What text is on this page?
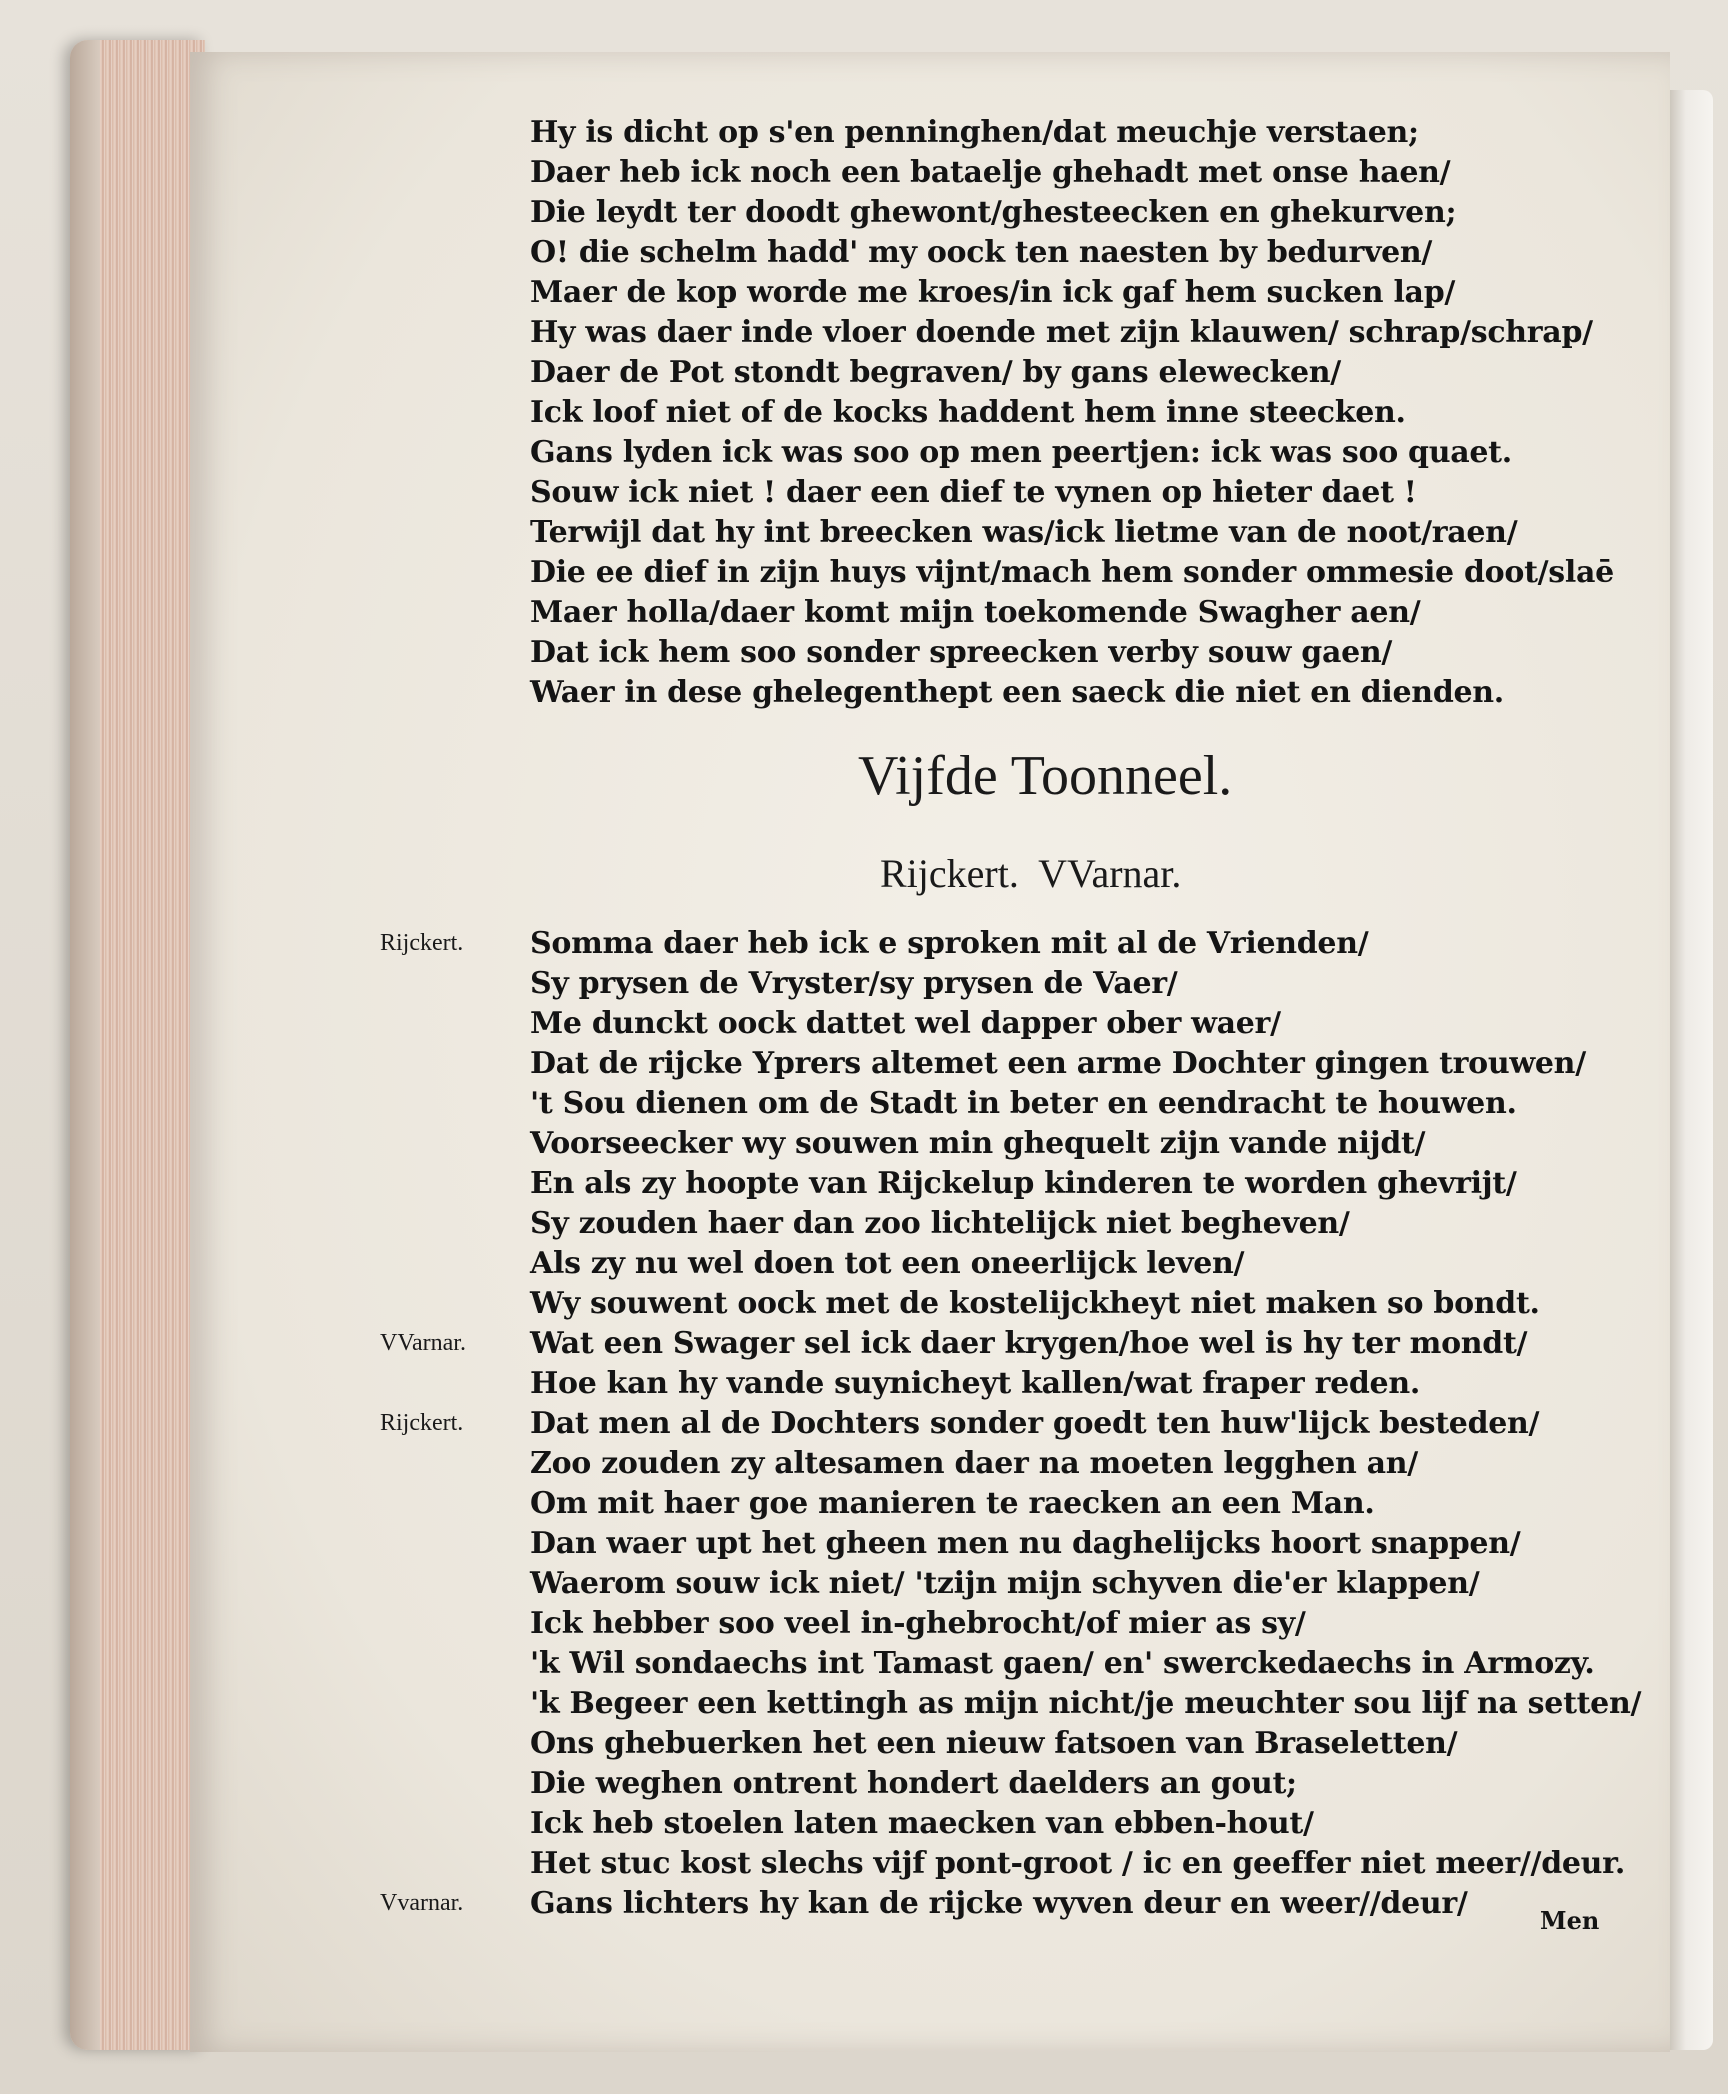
Hy is dicht op s'en penninghen/dat meuchje verstaen;
Daer heb ick noch een bataelje ghehadt met onse haen/
Die leydt ter doodt ghewont/ghesteecken en ghekurven;
O! die schelm hadd' my oock ten naesten by bedurven/
Maer de kop worde me kroes/in ick gaf hem sucken lap/
Hy was daer inde vloer doende met zijn klauwen/ schrap/schrap/
Daer de Pot stondt begraven/ by gans elewecken/
Ick loof niet of de kocks haddent hem inne steecken.
Gans lyden ick was soo op men peertjen: ick was soo quaet.
Souw ick niet ! daer een dief te vynen op hieter daet !
Terwijl dat hy int breecken was/ick lietme van de noot/raen/
Die ee dief in zijn huys vijnt/mach hem sonder ommesie doot/slaē
Maer holla/daer komt mijn toekomende Swagher aen/
Dat ick hem soo sonder spreecken verby souw gaen/
Waer in dese ghelegenthept een saeck die niet en dienden.
Vijfde Toonneel.
Rijckert. VVarnar.
Rijckert. Somma daer heb ick e sproken mit al de Vrienden/
Sy prysen de Vryster/sy prysen de Vaer/
Me dunckt oock dattet wel dapper ober waer/
Dat de rijcke Yprers altemet een arme Dochter gingen trouwen/
't Sou dienen om de Stadt in beter en eendracht te houwen.
Voorseecker wy souwen min ghequelt zijn vande nijdt/
En als zy hoopte van Rijckelup kinderen te worden ghevrijt/
Sy zouden haer dan zoo lichtelijck niet begheven/
Als zy nu wel doen tot een oneerlijck leven/
Wy souwent oock met de kostelijckheyt niet maken so bondt.
VVarnar. Wat een Swager sel ick daer krygen/hoe wel is hy ter mondt/
Hoe kan hy vande suynicheyt kallen/wat fraper reden.
Rijckert. Dat men al de Dochters sonder goedt ten huw'lijck besteden/
Zoo zouden zy altesamen daer na moeten legghen an/
Om mit haer goe manieren te raecken an een Man.
Dan waer upt het gheen men nu daghelijcks hoort snappen/
Waerom souw ick niet/ 'tzijn mijn schyven die'er klappen/
Ick hebber soo veel in-ghebrocht/of mier as sy/
'k Wil sondaechs int Tamast gaen/ en' swerckedaechs in Armozy.
'k Begeer een kettingh as mijn nicht/je meuchter sou lijf na setten/
Ons ghebuerken het een nieuw fatsoen van Braseletten/
Die weghen ontrent hondert daelders an gout;
Ick heb stoelen laten maecken van ebben-hout/
Het stuc kost slechs vijf pont-groot / ic en geeffer niet meer//deur.
Vvarnar. Gans lichters hy kan de rijcke wyven deur en weer//deur/	Men
